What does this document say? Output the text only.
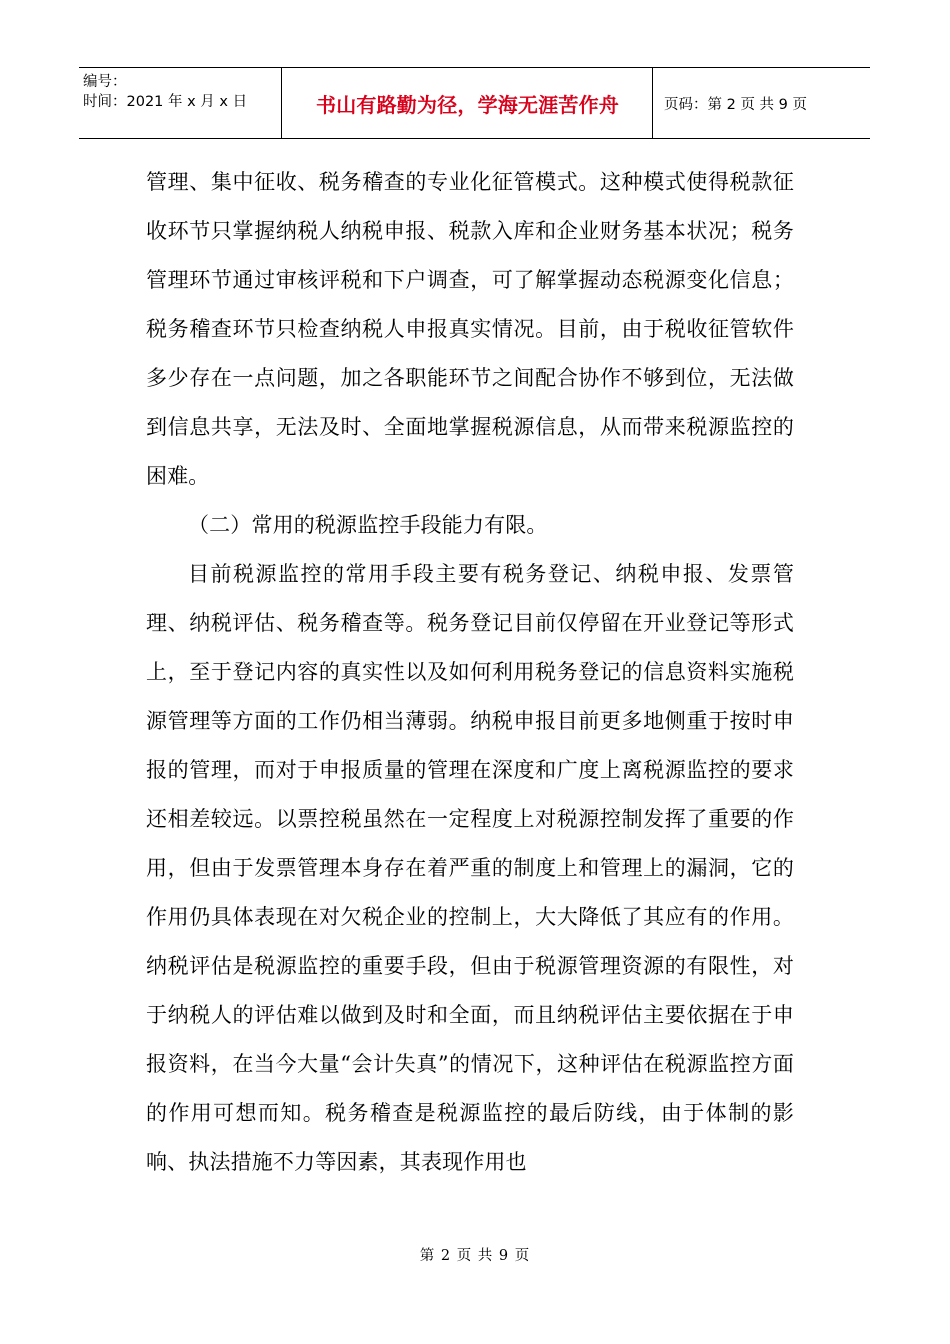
编号：
时间：2021 年 x 月 x 日	书山有路勤为径，学海无涯苦作舟	页码：第 2 页 共 9 页

管理、集中征收、税务稽查的专业化征管模式。这种模式使得税款征收环节只掌握纳税人纳税申报、税款入库和企业财务基本状况；税务管理环节通过审核评税和下户调查，可了解掌握动态税源变化信息；税务稽查环节只检查纳税人申报真实情况。目前，由于税收征管软件多少存在一点问题，加之各职能环节之间配合协作不够到位，无法做到信息共享，无法及时、全面地掌握税源信息，从而带来税源监控的困难。

（二）常用的税源监控手段能力有限。

目前税源监控的常用手段主要有税务登记、纳税申报、发票管理、纳税评估、税务稽查等。税务登记目前仅停留在开业登记等形式上，至于登记内容的真实性以及如何利用税务登记的信息资料实施税源管理等方面的工作仍相当薄弱。纳税申报目前更多地侧重于按时申报的管理，而对于申报质量的管理在深度和广度上离税源监控的要求还相差较远。以票控税虽然在一定程度上对税源控制发挥了重要的作用，但由于发票管理本身存在着严重的制度上和管理上的漏洞，它的作用仍具体表现在对欠税企业的控制上，大大降低了其应有的作用。纳税评估是税源监控的重要手段，但由于税源管理资源的有限性，对于纳税人的评估难以做到及时和全面，而且纳税评估主要依据在于申报资料，在当今大量“会计失真”的情况下，这种评估在税源监控方面的作用可想而知。税务稽查是税源监控的最后防线，由于体制的影响、执法措施不力等因素，其表现作用也

第 2 页 共 9 页
